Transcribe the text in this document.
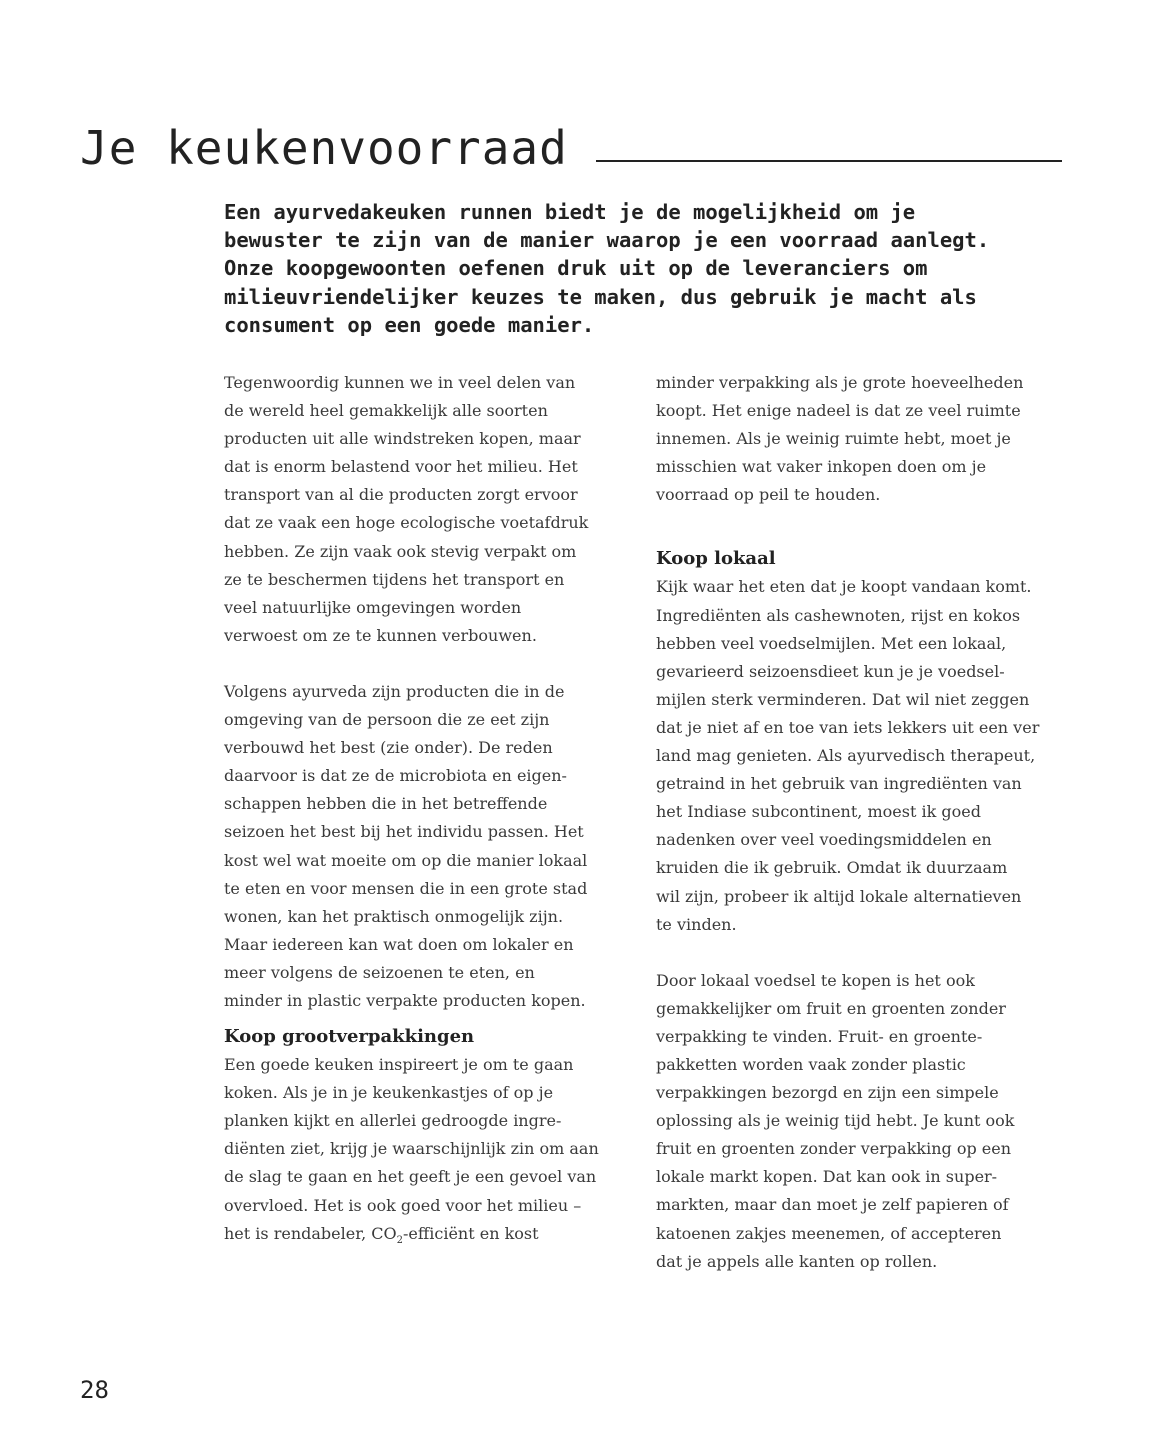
Je keukenvoorraad

Een ayurvedakeuken runnen biedt je de mogelijkheid om je
bewuster te zijn van de manier waarop je een voorraad aanlegt.
Onze koopgewoonten oefenen druk uit op de leveranciers om
milieuvriendelijker keuzes te maken, dus gebruik je macht als
consument op een goede manier.

Tegenwoordig kunnen we in veel delen van
de wereld heel gemakkelijk alle soorten
producten uit alle windstreken kopen, maar
dat is enorm belastend voor het milieu. Het
transport van al die producten zorgt ervoor
dat ze vaak een hoge ecologische voetafdruk
hebben. Ze zijn vaak ook stevig verpakt om
ze te beschermen tijdens het transport en
veel natuurlijke omgevingen worden
verwoest om ze te kunnen verbouwen.

Volgens ayurveda zijn producten die in de
omgeving van de persoon die ze eet zijn
verbouwd het best (zie onder). De reden
daarvoor is dat ze de microbiota en eigen-
schappen hebben die in het betreffende
seizoen het best bij het individu passen. Het
kost wel wat moeite om op die manier lokaal
te eten en voor mensen die in een grote stad
wonen, kan het praktisch onmogelijk zijn.
Maar iedereen kan wat doen om lokaler en
meer volgens de seizoenen te eten, en
minder in plastic verpakte producten kopen.

Koop grootverpakkingen

Een goede keuken inspireert je om te gaan
koken. Als je in je keukenkastjes of op je
planken kijkt en allerlei gedroogde ingre-
diënten ziet, krijg je waarschijnlijk zin om aan
de slag te gaan en het geeft je een gevoel van
overvloed. Het is ook goed voor het milieu –
het is rendabeler, $CO_2$-efficiënt en kost

minder verpakking als je grote hoeveelheden
koopt. Het enige nadeel is dat ze veel ruimte
innemen. Als je weinig ruimte hebt, moet je
misschien wat vaker inkopen doen om je
voorraad op peil te houden.

Koop lokaal

Kijk waar het eten dat je koopt vandaan komt.
Ingrediënten als cashewnoten, rijst en kokos
hebben veel voedselmijlen. Met een lokaal,
gevarieerd seizoensdieet kun je je voedsel-
mijlen sterk verminderen. Dat wil niet zeggen
dat je niet af en toe van iets lekkers uit een ver
land mag genieten. Als ayurvedisch therapeut,
getraind in het gebruik van ingrediënten van
het Indiase subcontinent, moest ik goed
nadenken over veel voedingsmiddelen en
kruiden die ik gebruik. Omdat ik duurzaam
wil zijn, probeer ik altijd lokale alternatieven
te vinden.

Door lokaal voedsel te kopen is het ook
gemakkelijker om fruit en groenten zonder
verpakking te vinden. Fruit- en groente-
pakketten worden vaak zonder plastic
verpakkingen bezorgd en zijn een simpele
oplossing als je weinig tijd hebt. Je kunt ook
fruit en groenten zonder verpakking op een
lokale markt kopen. Dat kan ook in super-
markten, maar dan moet je zelf papieren of
katoenen zakjes meenemen, of accepteren
dat je appels alle kanten op rollen.

28
